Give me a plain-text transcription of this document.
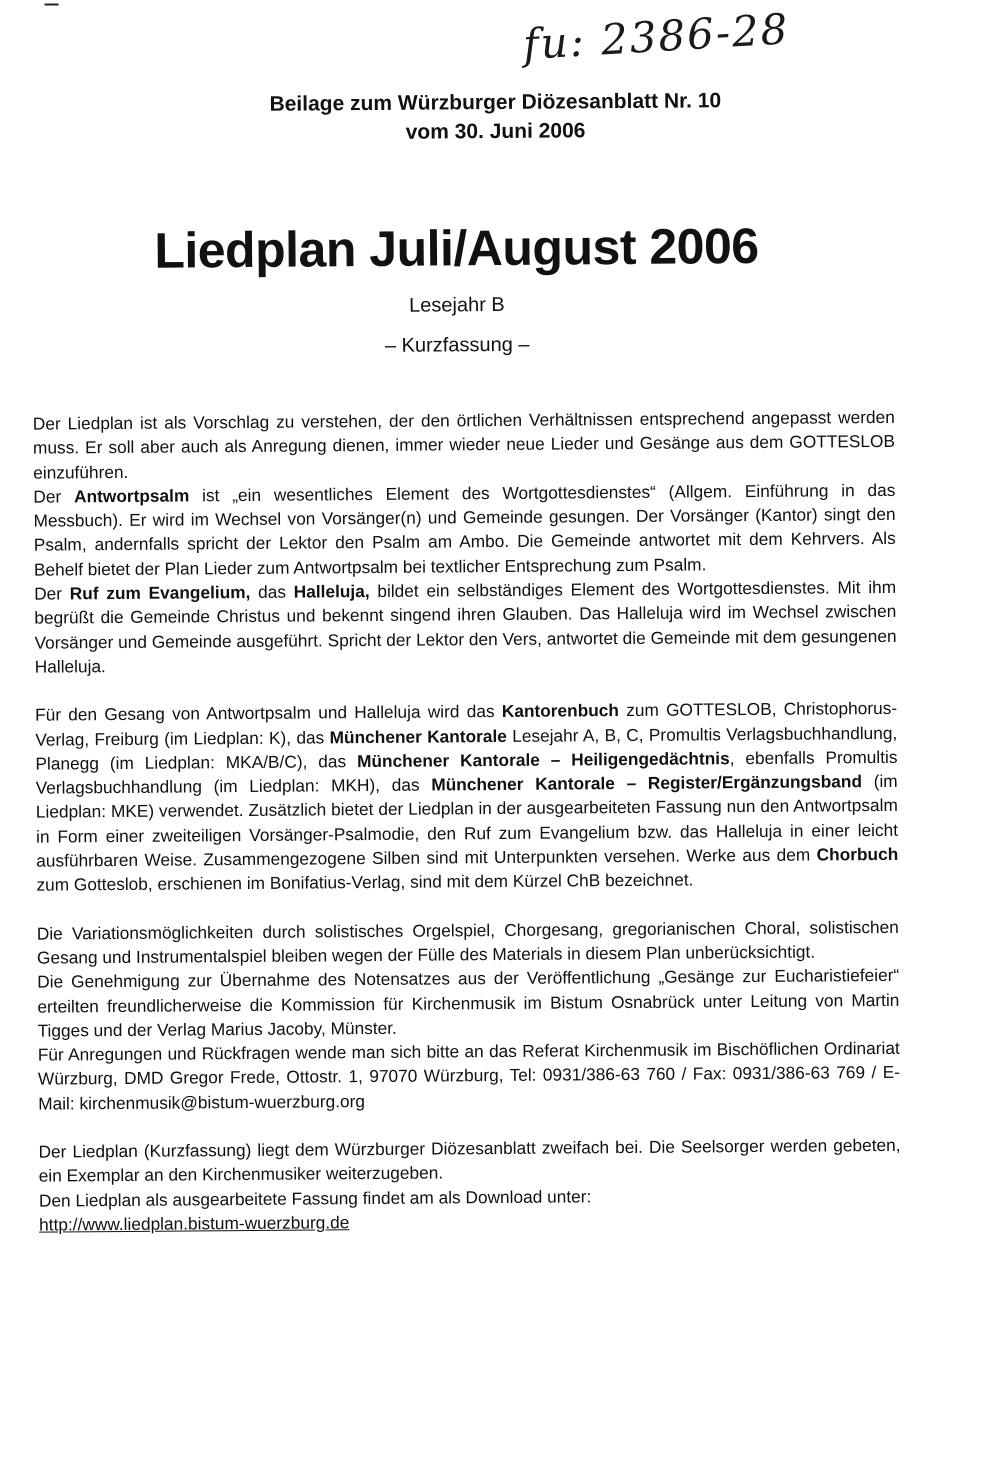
fu: 2386-28
Beilage zum Würzburger Diözesanblatt Nr. 10
vom 30. Juni 2006
Liedplan Juli/August 2006
Lesejahr B
– Kurzfassung –

Der Liedplan ist als Vorschlag zu verstehen, der den örtlichen Verhältnissen entsprechend angepasst werden muss. Er soll aber auch als Anregung dienen, immer wieder neue Lieder und Gesänge aus dem GOTTESLOB einzuführen.

Der Antwortpsalm ist „ein wesentliches Element des Wortgottesdienstes“ (Allgem. Einführung in das Messbuch). Er wird im Wechsel von Vorsänger(n) und Gemeinde gesungen. Der Vorsänger (Kantor) singt den Psalm, andernfalls spricht der Lektor den Psalm am Ambo. Die Gemeinde antwortet mit dem Kehrvers. Als Behelf bietet der Plan Lieder zum Antwortpsalm bei textlicher Entsprechung zum Psalm.

Der Ruf zum Evangelium, das Halleluja, bildet ein selbständiges Element des Wortgottesdienstes. Mit ihm begrüßt die Gemeinde Christus und bekennt singend ihren Glauben. Das Halleluja wird im Wechsel zwischen Vorsänger und Gemeinde ausgeführt. Spricht der Lektor den Vers, antwortet die Gemeinde mit dem gesungenen Halleluja.

Für den Gesang von Antwortpsalm und Halleluja wird das Kantorenbuch zum GOTTESLOB, Christophorus-Verlag, Freiburg (im Liedplan: K), das Münchener Kantorale Lesejahr A, B, C, Promultis Verlagsbuchhandlung, Planegg (im Liedplan: MKA/B/C), das Münchener Kantorale – Heiligengedächtnis, ebenfalls Promultis Verlagsbuchhandlung (im Liedplan: MKH), das Münchener Kantorale – Register/Ergänzungsband (im Liedplan: MKE) verwendet. Zusätzlich bietet der Liedplan in der ausgearbeiteten Fassung nun den Antwortpsalm in Form einer zweiteiligen Vorsänger-Psalmodie, den Ruf zum Evangelium bzw. das Halleluja in einer leicht ausführbaren Weise. Zusammengezogene Silben sind mit Unterpunkten versehen. Werke aus dem Chorbuch zum Gotteslob, erschienen im Bonifatius-Verlag, sind mit dem Kürzel ChB bezeichnet.

Die Variationsmöglichkeiten durch solistisches Orgelspiel, Chorgesang, gregorianischen Choral, solistischen Gesang und Instrumentalspiel bleiben wegen der Fülle des Materials in diesem Plan unberücksichtigt.

Die Genehmigung zur Übernahme des Notensatzes aus der Veröffentlichung „Gesänge zur Eucharistiefeier“ erteilten freundlicherweise die Kommission für Kirchenmusik im Bistum Osnabrück unter Leitung von Martin Tigges und der Verlag Marius Jacoby, Münster.

Für Anregungen und Rückfragen wende man sich bitte an das Referat Kirchenmusik im Bischöflichen Ordinariat Würzburg, DMD Gregor Frede, Ottostr. 1, 97070 Würzburg, Tel: 0931/386-63 760 / Fax: 0931/386-63 769 / E-Mail: kirchenmusik@bistum-wuerzburg.org

Der Liedplan (Kurzfassung) liegt dem Würzburger Diözesanblatt zweifach bei. Die Seelsorger werden gebeten, ein Exemplar an den Kirchenmusiker weiterzugeben.

Den Liedplan als ausgearbeitete Fassung findet am als Download unter:

http://www.liedplan.bistum-wuerzburg.de
